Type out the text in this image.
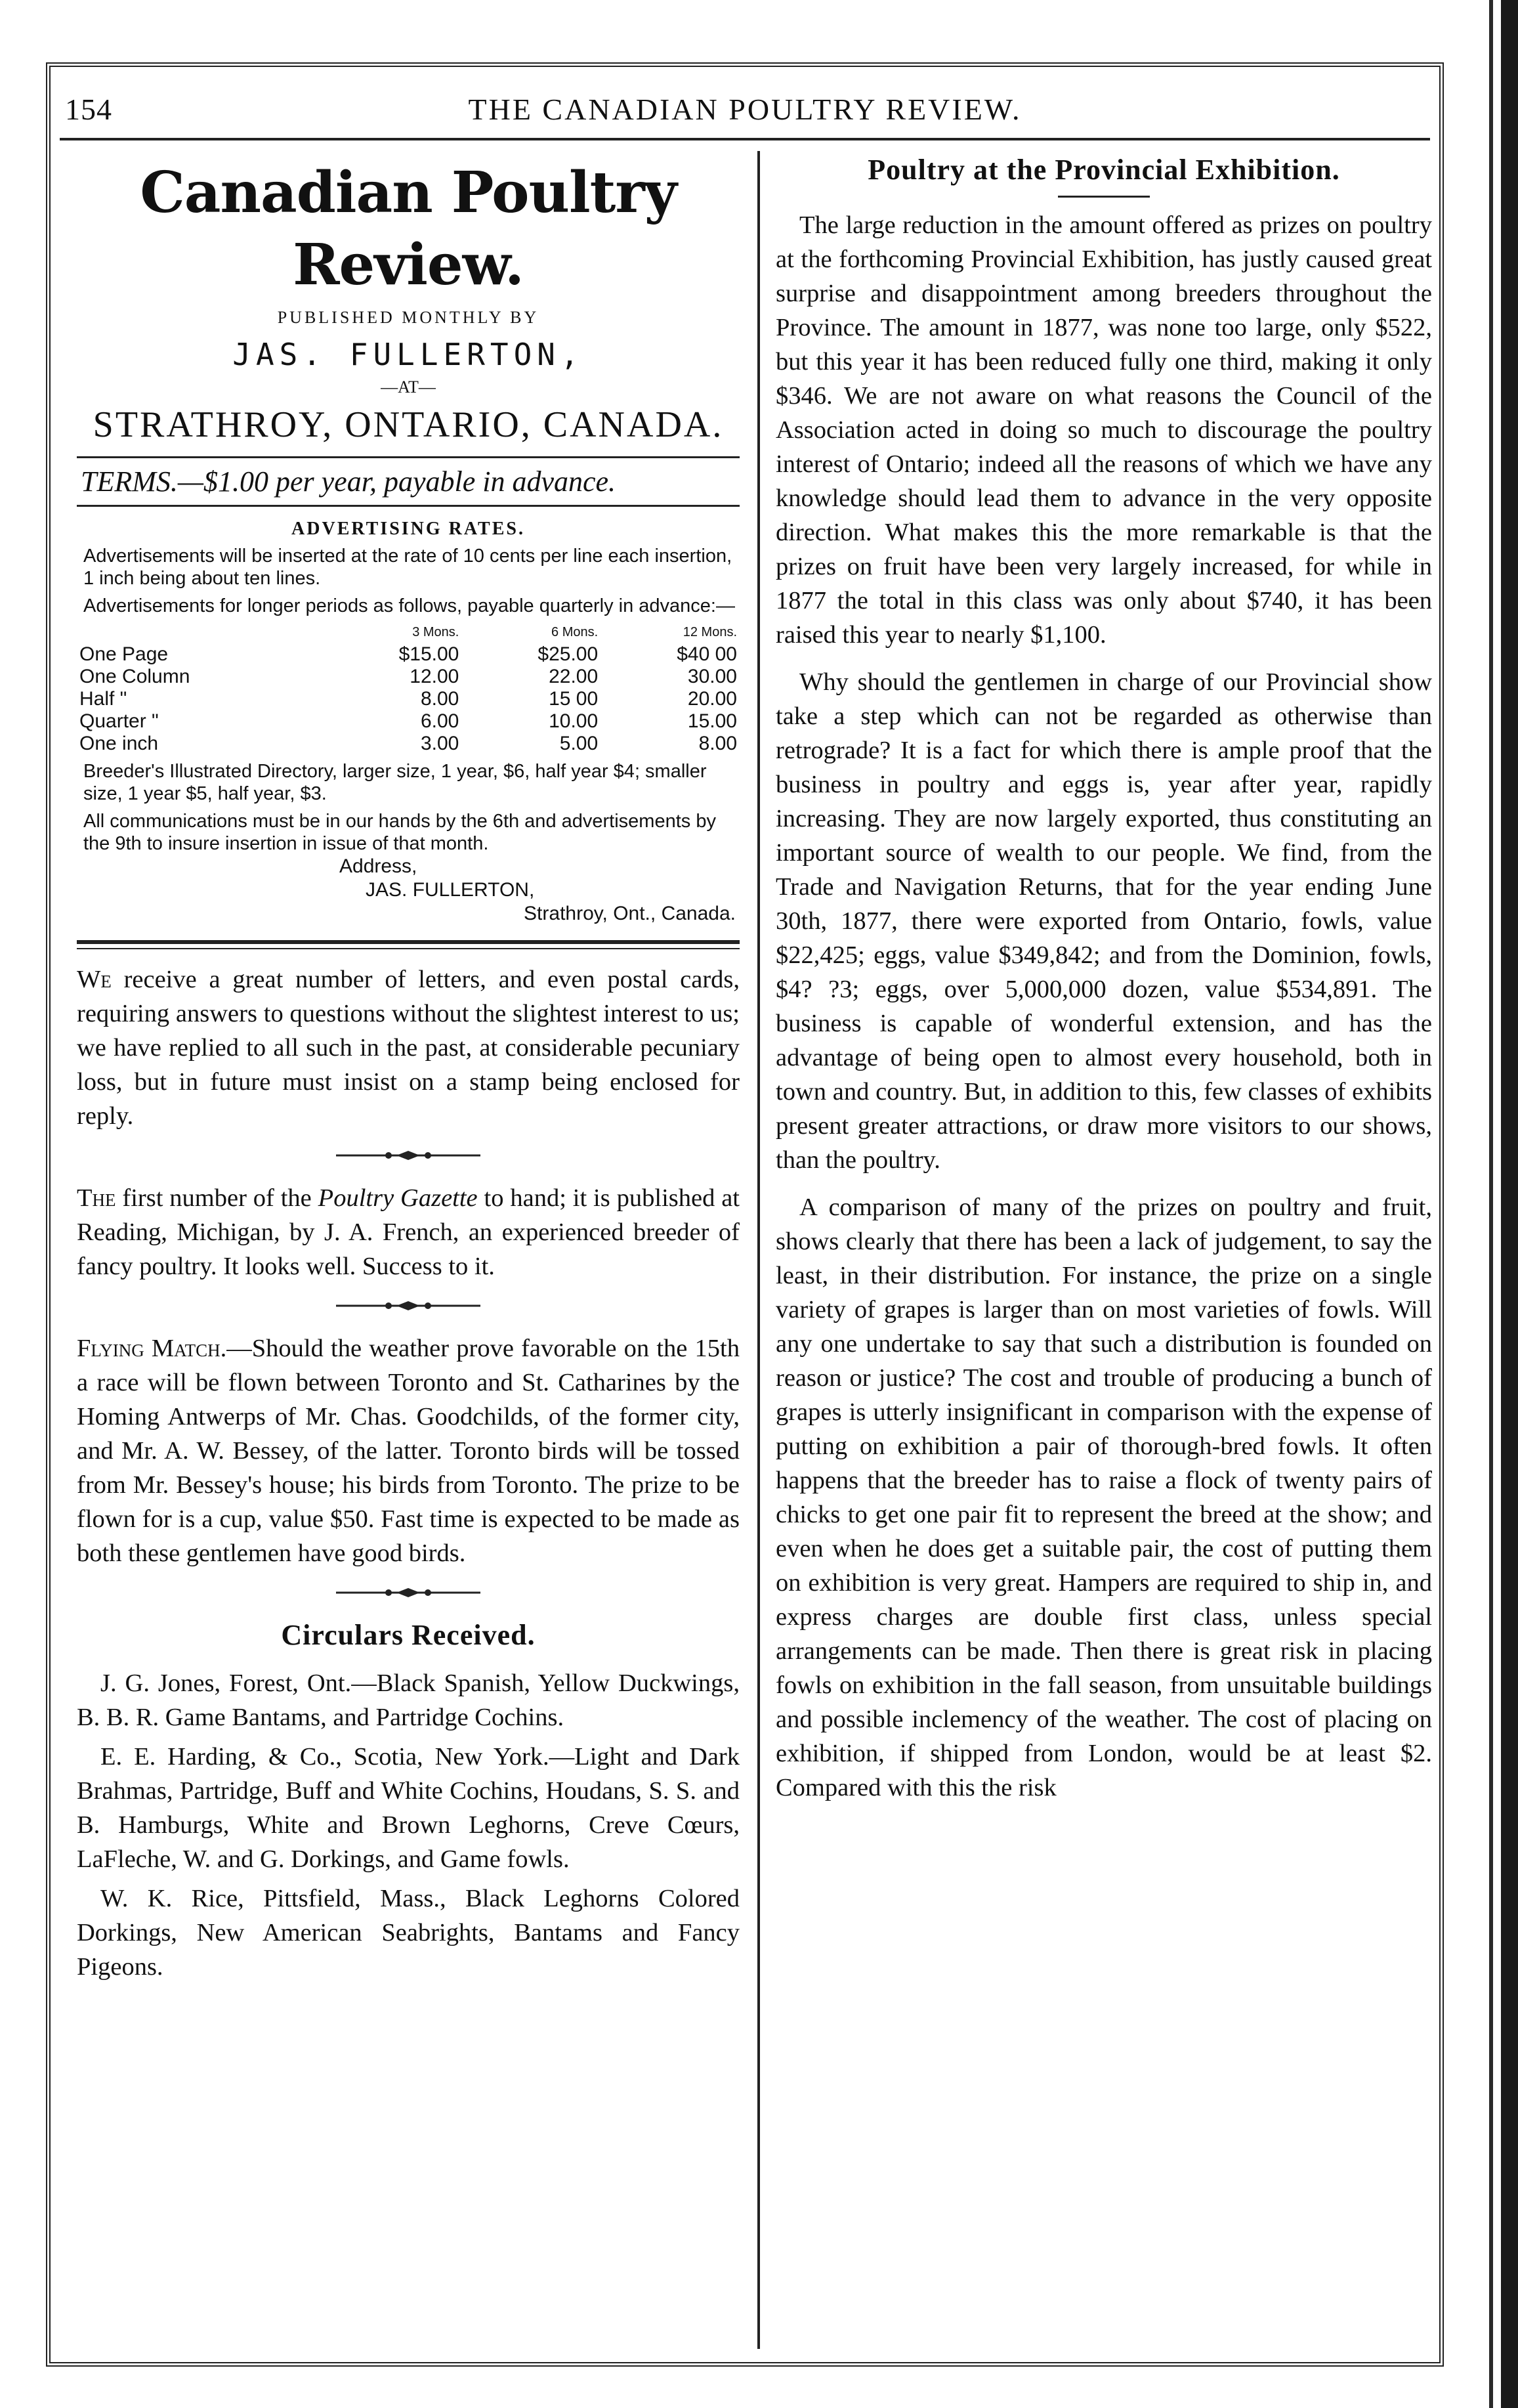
154	THE CANADIAN POULTRY REVIEW.
Canadian Poultry Review.
PUBLISHED MONTHLY BY
JAS. FULLERTON,
—AT—
STRATHROY, ONTARIO, CANADA.
TERMS.—$1.00 per year, payable in advance.
ADVERTISING RATES.

Advertisements will be inserted at the rate of 10 cents per line each insertion, 1 inch being about ten lines.

Advertisements for longer periods as follows, payable quarterly in advance:—

	3 Mons.	6 Mons.	12 Mons.
One Page	$15.00	$25.00	$40 00
One Column	12.00	22.00	30.00
Half "	8.00	15 00	20.00
Quarter "	6.00	10.00	15.00
One inch	3.00	5.00	8.00

Breeder's Illustrated Directory, larger size, 1 year, $6, half year $4; smaller size, 1 year $5, half year, $3.

All communications must be in our hands by the 6th and advertisements by the 9th to insure insertion in issue of that month.

Address,
JAS. FULLERTON,
Strathroy, Ont., Canada.

We receive a great number of letters, and even postal cards, requiring answers to questions without the slightest interest to us; we have replied to all such in the past, at considerable pecuniary loss, but in future must insist on a stamp being enclosed for reply.

The first number of the Poultry Gazette to hand; it is published at Reading, Michigan, by J. A. French, an experienced breeder of fancy poultry. It looks well. Success to it.

Flying Match.—Should the weather prove favorable on the 15th a race will be flown between Toronto and St. Catharines by the Homing Antwerps of Mr. Chas. Goodchilds, of the former city, and Mr. A. W. Bessey, of the latter. Toronto birds will be tossed from Mr. Bessey's house; his birds from Toronto. The prize to be flown for is a cup, value $50. Fast time is expected to be made as both these gentlemen have good birds.

Circulars Received.

J. G. Jones, Forest, Ont.—Black Spanish, Yellow Duckwings, B. B. R. Game Bantams, and Partridge Cochins.

E. E. Harding, & Co., Scotia, New York.—Light and Dark Brahmas, Partridge, Buff and White Cochins, Houdans, S. S. and B. Hamburgs, White and Brown Leghorns, Creve Cœurs, LaFleche, W. and G. Dorkings, and Game fowls.

W. K. Rice, Pittsfield, Mass., Black Leghorns Colored Dorkings, New American Seabrights, Bantams and Fancy Pigeons.

Poultry at the Provincial Exhibition.

The large reduction in the amount offered as prizes on poultry at the forthcoming Provincial Exhibition, has justly caused great surprise and disappointment among breeders throughout the Province. The amount in 1877, was none too large, only $522, but this year it has been reduced fully one third, making it only $346. We are not aware on what reasons the Council of the Association acted in doing so much to discourage the poultry interest of Ontario; indeed all the reasons of which we have any knowledge should lead them to advance in the very opposite direction. What makes this the more remarkable is that the prizes on fruit have been very largely increased, for while in 1877 the total in this class was only about $740, it has been raised this year to nearly $1,100.

Why should the gentlemen in charge of our Provincial show take a step which can not be regarded as otherwise than retrograde? It is a fact for which there is ample proof that the business in poultry and eggs is, year after year, rapidly increasing. They are now largely exported, thus constituting an important source of wealth to our people. We find, from the Trade and Navigation Returns, that for the year ending June 30th, 1877, there were exported from Ontario, fowls, value $22,425; eggs, value $349,842; and from the Dominion, fowls, $4? ?3; eggs, over 5,000,000 dozen, value $534,891. The business is capable of wonderful extension, and has the advantage of being open to almost every household, both in town and country. But, in addition to this, few classes of exhibits present greater attractions, or draw more visitors to our shows, than the poultry.

A comparison of many of the prizes on poultry and fruit, shows clearly that there has been a lack of judgement, to say the least, in their distribution. For instance, the prize on a single variety of grapes is larger than on most varieties of fowls. Will any one undertake to say that such a distribution is founded on reason or justice? The cost and trouble of producing a bunch of grapes is utterly insignificant in comparison with the expense of putting on exhibition a pair of thorough-bred fowls. It often happens that the breeder has to raise a flock of twenty pairs of chicks to get one pair fit to represent the breed at the show; and even when he does get a suitable pair, the cost of putting them on exhibition is very great. Hampers are required to ship in, and express charges are double first class, unless special arrangements can be made. Then there is great risk in placing fowls on exhibition in the fall season, from unsuitable buildings and possible inclemency of the weather. The cost of placing on exhibition, if shipped from London, would be at least $2. Compared with this the risk
